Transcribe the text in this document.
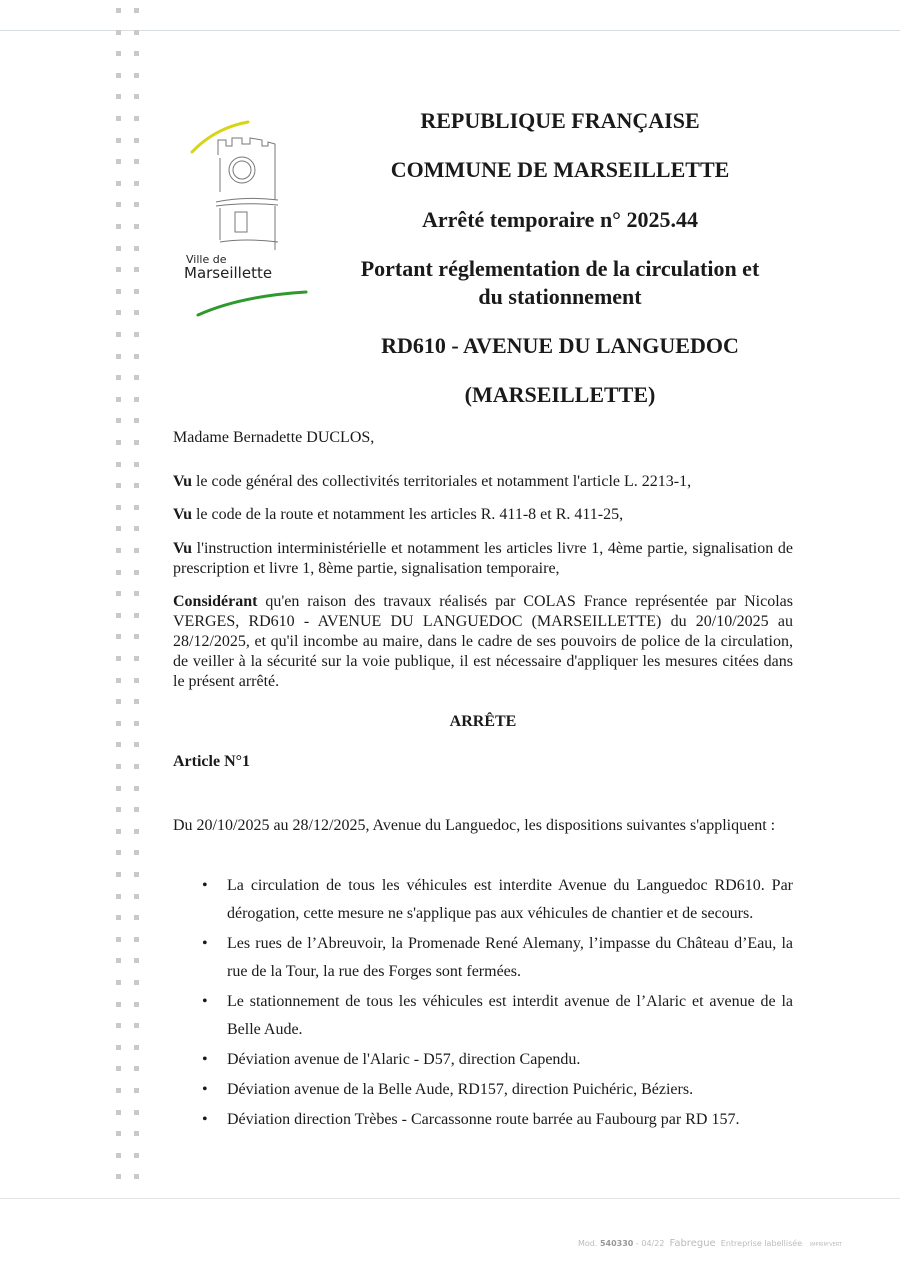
Ville de
Marseillette
REPUBLIQUE FRANÇAISE
COMMUNE DE MARSEILLETTE
Arrêté temporaire n° 2025.44
Portant réglementation de la circulation et
du stationnement
RD610 - AVENUE DU LANGUEDOC
(MARSEILLETTE)
Madame Bernadette DUCLOS,
Vu le code général des collectivités territoriales et notamment l'article L. 2213-1,
Vu le code de la route et notamment les articles R. 411-8 et R. 411-25,
Vu l'instruction interministérielle et notamment les articles livre 1, 4ème partie, signalisation de prescription et livre 1, 8ème partie, signalisation temporaire,
Considérant qu'en raison des travaux réalisés par COLAS France représentée par Nicolas VERGES, RD610 - AVENUE DU LANGUEDOC (MARSEILLETTE) du 20/10/2025 au 28/12/2025, et qu'il incombe au maire, dans le cadre de ses pouvoirs de police de la circulation, de veiller à la sécurité sur la voie publique, il est nécessaire d'appliquer les mesures citées dans le présent arrêté.
ARRÊTE
Article N°1
Du 20/10/2025 au 28/12/2025, Avenue du Languedoc, les dispositions suivantes s'appliquent :
• La circulation de tous les véhicules est interdite Avenue du Languedoc RD610. Par dérogation, cette mesure ne s'applique pas aux véhicules de chantier et de secours.
• Les rues de l’Abreuvoir, la Promenade René Alemany, l’impasse du Château d’Eau, la rue de la Tour, la rue des Forges sont fermées.
• Le stationnement de tous les véhicules est interdit avenue de l’Alaric et avenue de la Belle Aude.
• Déviation avenue de l'Alaric - D57, direction Capendu.
• Déviation avenue de la Belle Aude, RD157, direction Puichéric, Béziers.
• Déviation direction Trèbes - Carcassonne route barrée au Faubourg par RD 157.
Mod. 540330 - 04/22 Fabregue Entreprise labellisée IMPRIM'VERT
